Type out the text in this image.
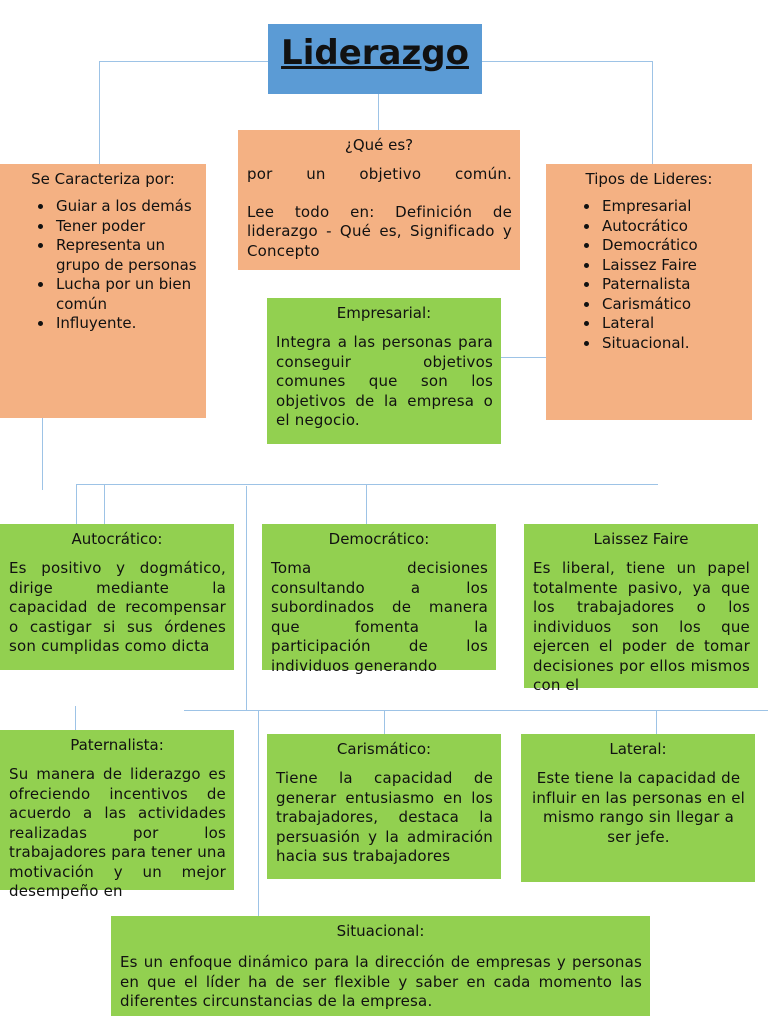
Liderazgo
¿Qué es?
por un objetivo común.
Lee todo en: Definición de liderazgo - Qué es, Significado y Concepto
Se Caracteriza por:
• Guiar a los demás
• Tener poder
• Representa un grupo de personas
• Lucha por un bien común
• Influyente.
Tipos de Lideres:
• Empresarial
• Autocrático
• Democrático
• Laissez Faire
• Paternalista
• Carismático
• Lateral
• Situacional.
Empresarial:
Integra a las personas para conseguir objetivos comunes que son los objetivos de la empresa o el negocio.
Autocrático:
Es positivo y dogmático, dirige mediante la capacidad de recompensar o castigar si sus órdenes son cumplidas como dicta
Democrático:
Toma decisiones consultando a los subordinados de manera que fomenta la participación de los individuos generando
Laissez Faire
Es liberal, tiene un papel totalmente pasivo, ya que los trabajadores o los individuos son los que ejercen el poder de tomar decisiones por ellos mismos con el
Paternalista:
Su manera de liderazgo es ofreciendo incentivos de acuerdo a las actividades realizadas por los trabajadores para tener una motivación y un mejor desempeño en
Carismático:
Tiene la capacidad de generar entusiasmo en los trabajadores, destaca la persuasión y la admiración hacia sus trabajadores
Lateral:
Este tiene la capacidad de influir en las personas en el mismo rango sin llegar a ser jefe.
Situacional:
Es un enfoque dinámico para la dirección de empresas y personas en que el líder ha de ser flexible y saber en cada momento las diferentes circunstancias de la empresa.
